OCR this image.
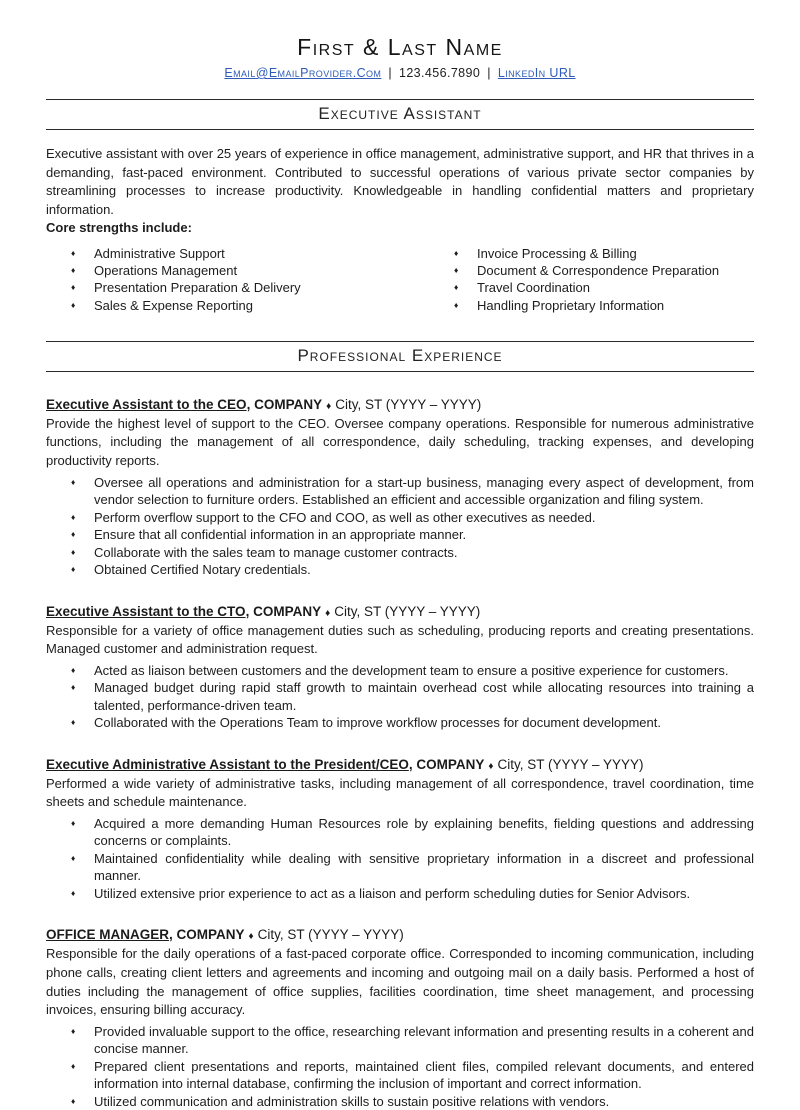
First & Last Name

Email@EmailProvider.Com | 123.456.7890 | LinkedIn URL

Executive Assistant

Executive assistant with over 25 years of experience in office management, administrative support, and HR that thrives in a demanding, fast-paced environment. Contributed to successful operations of various private sector companies by streamlining processes to increase productivity. Knowledgeable in handling confidential matters and proprietary information.

Core strengths include:

♦	Administrative Support
♦	Operations Management
♦	Presentation Preparation & Delivery
♦	Sales & Expense Reporting
♦	Invoice Processing & Billing
♦	Document & Correspondence Preparation
♦	Travel Coordination
♦	Handling Proprietary Information
Professional Experience
Executive Assistant to the CEO, COMPANY ♦ City, ST (YYYY – YYYY)

Provide the highest level of support to the CEO. Oversee company operations. Responsible for numerous administrative functions, including the management of all correspondence, daily scheduling, tracking expenses, and developing productivity reports.

♦	Oversee all operations and administration for a start-up business, managing every aspect of development, from vendor selection to furniture orders. Established an efficient and accessible organization and filing system.
♦	Perform overflow support to the CFO and COO, as well as other executives as needed.
♦	Ensure that all confidential information in an appropriate manner.
♦	Collaborate with the sales team to manage customer contracts.
♦	Obtained Certified Notary credentials.
Executive Assistant to the CTO, COMPANY ♦ City, ST (YYYY – YYYY)

Responsible for a variety of office management duties such as scheduling, producing reports and creating presentations. Managed customer and administration request.

♦	Acted as liaison between customers and the development team to ensure a positive experience for customers.
♦	Managed budget during rapid staff growth to maintain overhead cost while allocating resources into training a talented, performance-driven team.
♦	Collaborated with the Operations Team to improve workflow processes for document development.
Executive Administrative Assistant to the President/CEO, COMPANY ♦ City, ST (YYYY – YYYY)

Performed a wide variety of administrative tasks, including management of all correspondence, travel coordination, time sheets and schedule maintenance.

♦	Acquired a more demanding Human Resources role by explaining benefits, fielding questions and addressing concerns or complaints.
♦	Maintained confidentiality while dealing with sensitive proprietary information in a discreet and professional manner.
♦	Utilized extensive prior experience to act as a liaison and perform scheduling duties for Senior Advisors.
OFFICE MANAGER, COMPANY ♦ City, ST (YYYY – YYYY)

Responsible for the daily operations of a fast-paced corporate office. Corresponded to incoming communication, including phone calls, creating client letters and agreements and incoming and outgoing mail on a daily basis. Performed a host of duties including the management of office supplies, facilities coordination, time sheet management, and processing invoices, ensuring billing accuracy.

♦	Provided invaluable support to the office, researching relevant information and presenting results in a coherent and concise manner.
♦	Prepared client presentations and reports, maintained client files, compiled relevant documents, and entered information into internal database, confirming the inclusion of important and correct information.
♦	Utilized communication and administration skills to sustain positive relations with vendors.
